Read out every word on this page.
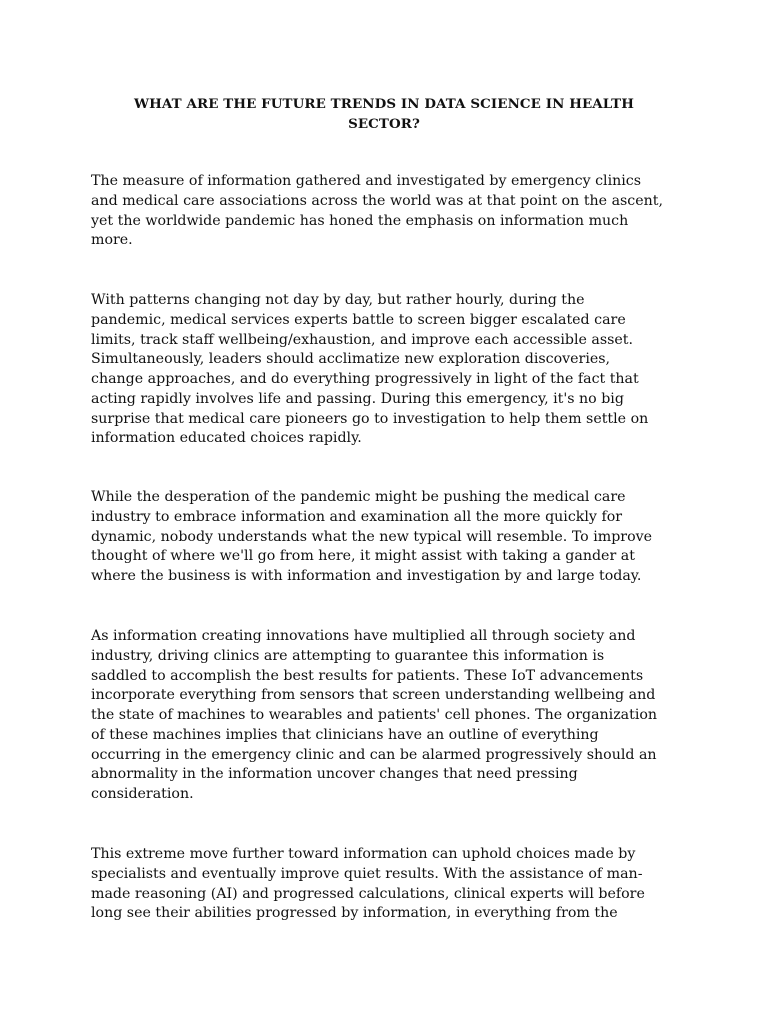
WHAT ARE THE FUTURE TRENDS IN DATA SCIENCE IN HEALTH
SECTOR?

The measure of information gathered and investigated by emergency clinics
and medical care associations across the world was at that point on the ascent,
yet the worldwide pandemic has honed the emphasis on information much
more.

With patterns changing not day by day, but rather hourly, during the
pandemic, medical services experts battle to screen bigger escalated care
limits, track staff wellbeing/exhaustion, and improve each accessible asset.
Simultaneously, leaders should acclimatize new exploration discoveries,
change approaches, and do everything progressively in light of the fact that
acting rapidly involves life and passing. During this emergency, it's no big
surprise that medical care pioneers go to investigation to help them settle on
information educated choices rapidly.

While the desperation of the pandemic might be pushing the medical care
industry to embrace information and examination all the more quickly for
dynamic, nobody understands what the new typical will resemble. To improve
thought of where we'll go from here, it might assist with taking a gander at
where the business is with information and investigation by and large today.

As information creating innovations have multiplied all through society and
industry, driving clinics are attempting to guarantee this information is
saddled to accomplish the best results for patients. These IoT advancements
incorporate everything from sensors that screen understanding wellbeing and
the state of machines to wearables and patients' cell phones. The organization
of these machines implies that clinicians have an outline of everything
occurring in the emergency clinic and can be alarmed progressively should an
abnormality in the information uncover changes that need pressing
consideration.

This extreme move further toward information can uphold choices made by
specialists and eventually improve quiet results. With the assistance of man-
made reasoning (AI) and progressed calculations, clinical experts will before
long see their abilities progressed by information, in everything from the
